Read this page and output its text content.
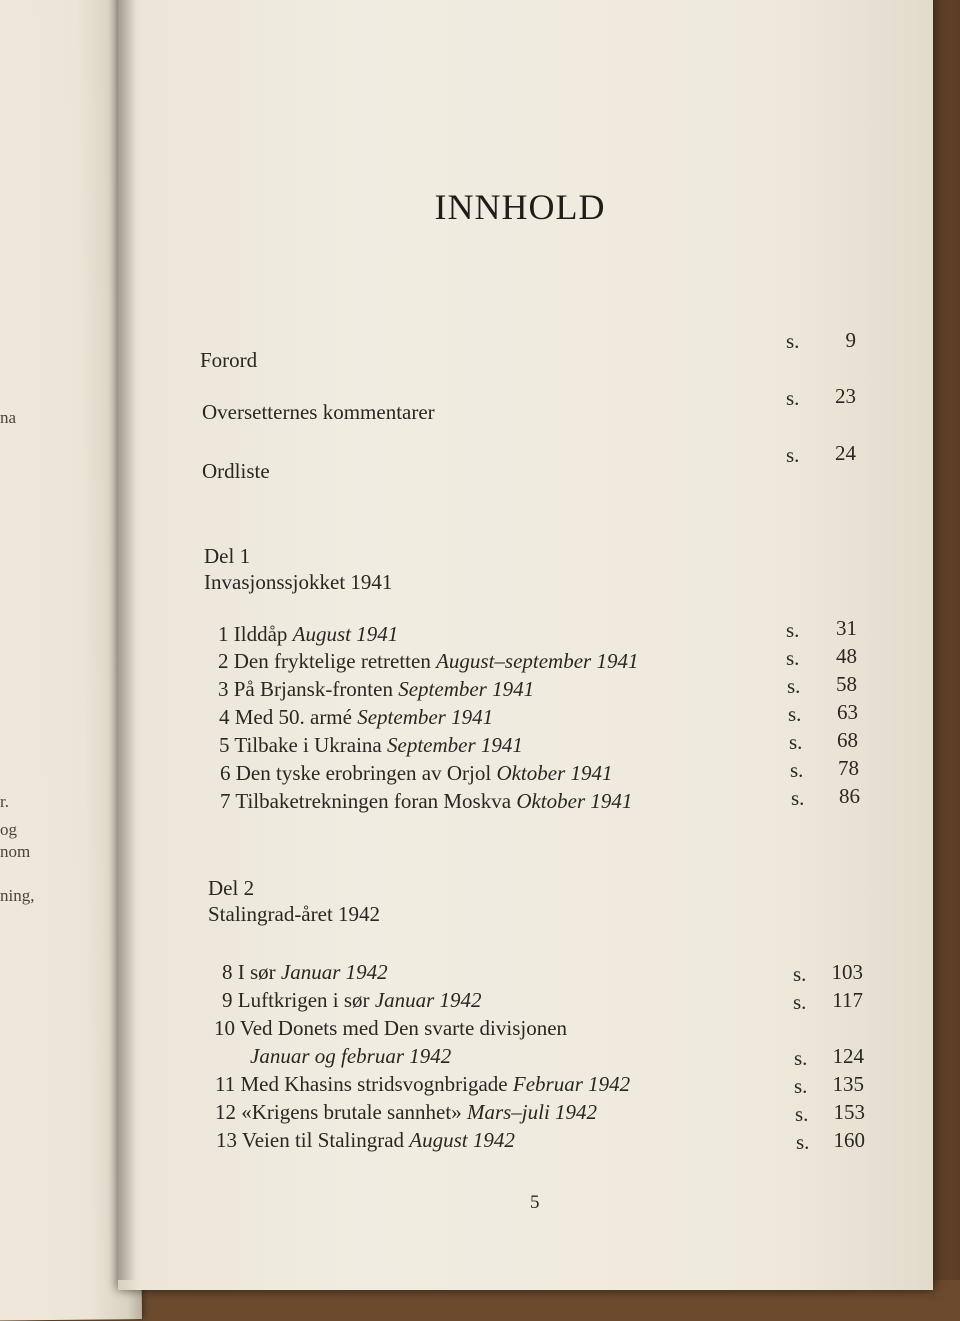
na
r.
og
nom
ning,
INNHOLD
Forord
s.	9
Oversetternes kommentarer
s.	23
Ordliste
s.	24
Del 1
Invasjonssjokket 1941
1 Ilddåp August 1941	s.	31
2 Den fryktelige retretten August–september 1941	s.	48
3 På Brjansk-fronten September 1941	s.	58
4 Med 50. armé September 1941	s.	63
5 Tilbake i Ukraina September 1941	s.	68
6 Den tyske erobringen av Orjol Oktober 1941	s.	78
7 Tilbaketrekningen foran Moskva Oktober 1941	s.	86
Del 2
Stalingrad-året 1942
8 I sør Januar 1942	s.	103
9 Luftkrigen i sør Januar 1942	s.	117
10 Ved Donets med Den svarte divisjonen
Januar og februar 1942	s.	124
11 Med Khasins stridsvognbrigade Februar 1942	s.	135
12 «Krigens brutale sannhet» Mars–juli 1942	s.	153
13 Veien til Stalingrad August 1942	s.	160
5
